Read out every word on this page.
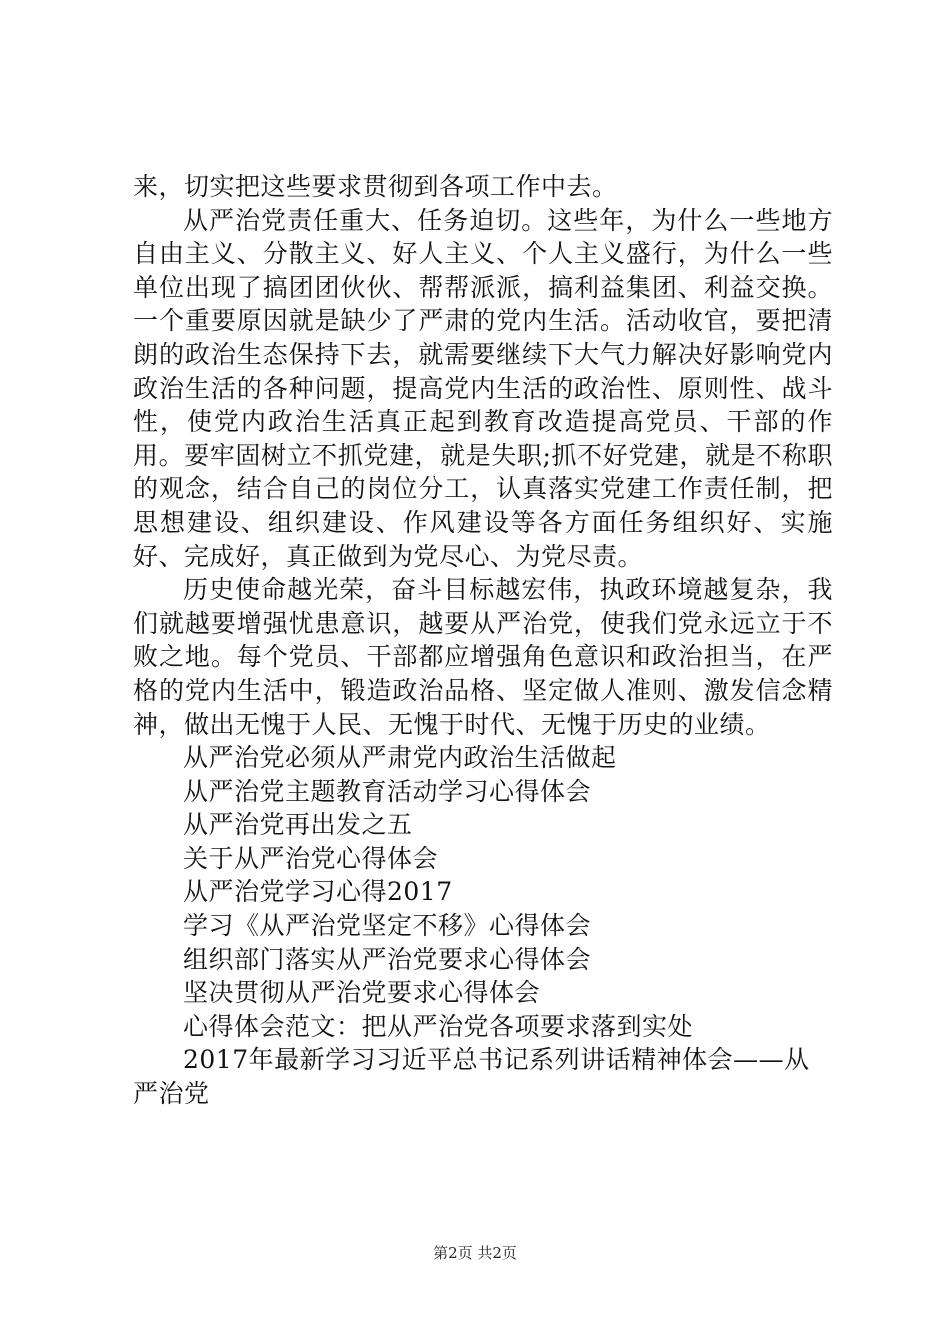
来，切实把这些要求贯彻到各项工作中去。

从严治党责任重大、任务迫切。这些年，为什么一些地方自由主义、分散主义、好人主义、个人主义盛行，为什么一些单位出现了搞团团伙伙、帮帮派派，搞利益集团、利益交换。一个重要原因就是缺少了严肃的党内生活。活动收官，要把清朗的政治生态保持下去，就需要继续下大气力解决好影响党内政治生活的各种问题，提高党内生活的政治性、原则性、战斗性，使党内政治生活真正起到教育改造提高党员、干部的作用。要牢固树立不抓党建，就是失职;抓不好党建，就是不称职的观念，结合自己的岗位分工，认真落实党建工作责任制，把思想建设、组织建设、作风建设等各方面任务组织好、实施好、完成好，真正做到为党尽心、为党尽责。

历史使命越光荣，奋斗目标越宏伟，执政环境越复杂，我们就越要增强忧患意识，越要从严治党，使我们党永远立于不败之地。每个党员、干部都应增强角色意识和政治担当，在严格的党内生活中，锻造政治品格、坚定做人准则、激发信念精神，做出无愧于人民、无愧于时代、无愧于历史的业绩。

从严治党必须从严肃党内政治生活做起

从严治党主题教育活动学习心得体会

从严治党再出发之五

关于从严治党心得体会

从严治党学习心得2017

学习《从严治党坚定不移》心得体会

组织部门落实从严治党要求心得体会

坚决贯彻从严治党要求心得体会

心得体会范文：把从严治党各项要求落到实处

2017年最新学习习近平总书记系列讲话精神体会——从严治党

第2页 共2页
